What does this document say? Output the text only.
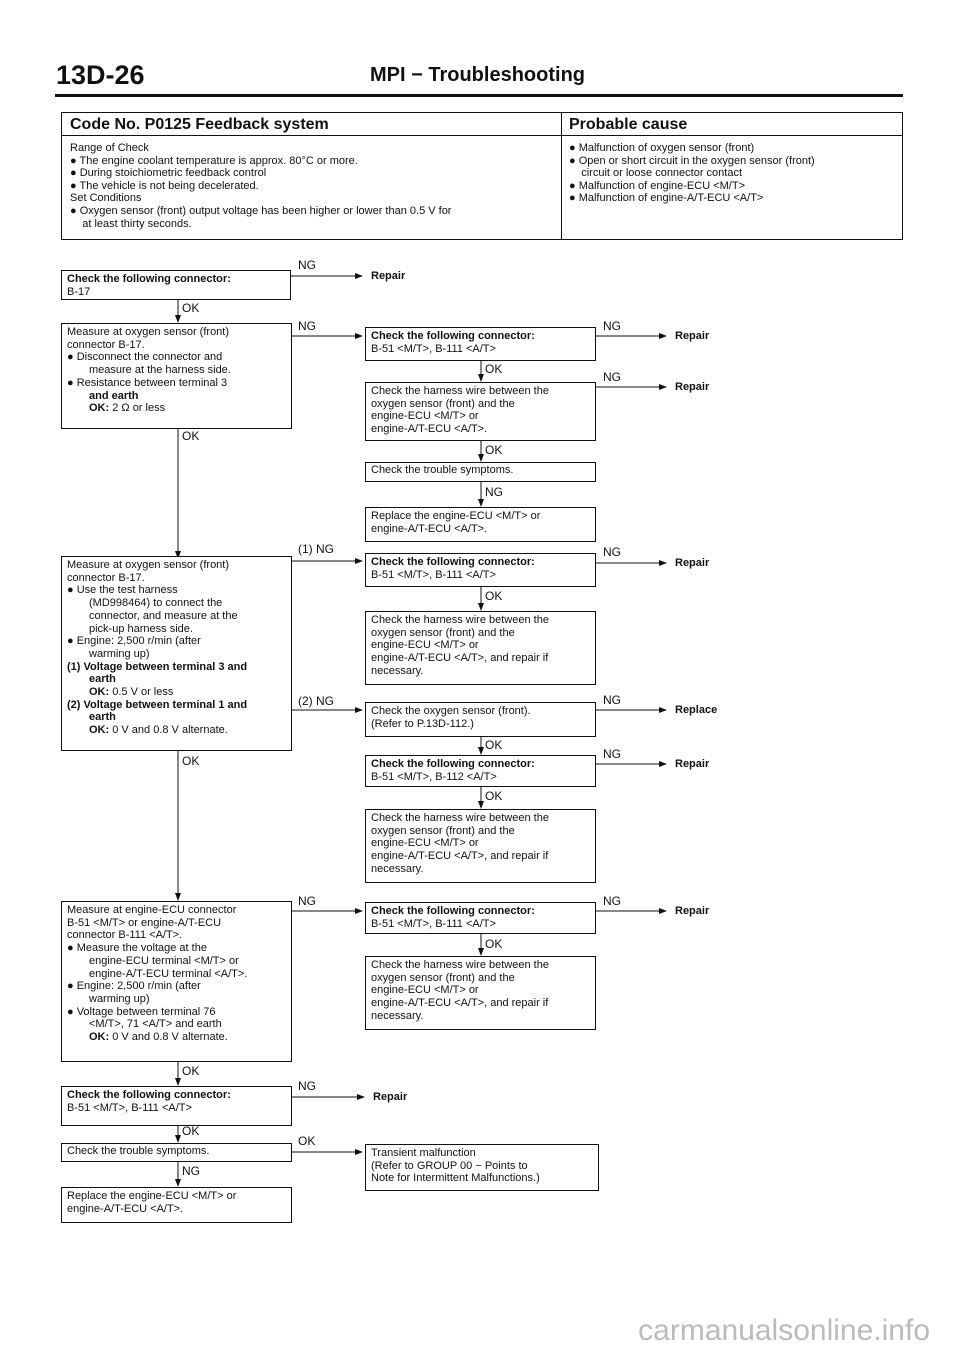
13D-26	MPI − Troubleshooting
Code No. P0125 Feedback system	Probable cause
Range of Check
● The engine coolant temperature is approx. 80°C or more.
● During stoichiometric feedback control
● The vehicle is not being decelerated.
Set Conditions
● Oxygen sensor (front) output voltage has been higher or lower than 0.5 V for
at least thirty seconds.
● Malfunction of oxygen sensor (front)
● Open or short circuit in the oxygen sensor (front)
circuit or loose connector contact
● Malfunction of engine-ECU <M/T>
● Malfunction of engine-A/T-ECU <A/T>
Check the following connector:
B-17
Measure at oxygen sensor (front)
connector B-17.
● Disconnect the connector and
measure at the harness side.
● Resistance between terminal 3
and earth
OK: 2 Ω or less
Measure at oxygen sensor (front)
connector B-17.
● Use the test harness
(MD998464) to connect the
connector, and measure at the
pick-up harness side.
● Engine: 2,500 r/min (after
warming up)
(1) Voltage between terminal 3 and
earth
OK: 0.5 V or less
(2) Voltage between terminal 1 and
earth
OK: 0 V and 0.8 V alternate.
Measure at engine-ECU connector
B-51 <M/T> or engine-A/T-ECU
connector B-111 <A/T>.
● Measure the voltage at the
engine-ECU terminal <M/T> or
engine-A/T-ECU terminal <A/T>.
● Engine: 2,500 r/min (after
warming up)
● Voltage between terminal 76
<M/T>, 71 <A/T> and earth
OK: 0 V and 0.8 V alternate.
Check the following connector:
B-51 <M/T>, B-111 <A/T>
Check the trouble symptoms.
Replace the engine-ECU <M/T> or
engine-A/T-ECU <A/T>.
Check the following connector:
B-51 <M/T>, B-111 <A/T>
Check the harness wire between the
oxygen sensor (front) and the
engine-ECU <M/T> or
engine-A/T-ECU <A/T>.
Check the trouble symptoms.
Replace the engine-ECU <M/T> or
engine-A/T-ECU <A/T>.
Check the following connector:
B-51 <M/T>, B-111 <A/T>
Check the harness wire between the
oxygen sensor (front) and the
engine-ECU <M/T> or
engine-A/T-ECU <A/T>, and repair if
necessary.
Check the oxygen sensor (front).
(Refer to P.13D-112.)
Check the following connector:
B-51 <M/T>, B-112 <A/T>
Check the harness wire between the
oxygen sensor (front) and the
engine-ECU <M/T> or
engine-A/T-ECU <A/T>, and repair if
necessary.
Check the following connector:
B-51 <M/T>, B-111 <A/T>
Check the harness wire between the
oxygen sensor (front) and the
engine-ECU <M/T> or
engine-A/T-ECU <A/T>, and repair if
necessary.
Transient malfunction
(Refer to GROUP 00 − Points to
Note for Intermittent Malfunctions.)
OK
OK
OK
OK
OK
NG
NG
NG
(1) NG
(2) NG
NG
NG
OK
OK
OK
NG
OK
OK
OK
OK
NG
NG
NG
NG
NG
NG
Repair
Repair
Repair
Repair
Replace
Repair
Repair
Repair
carmanualsonline.info
